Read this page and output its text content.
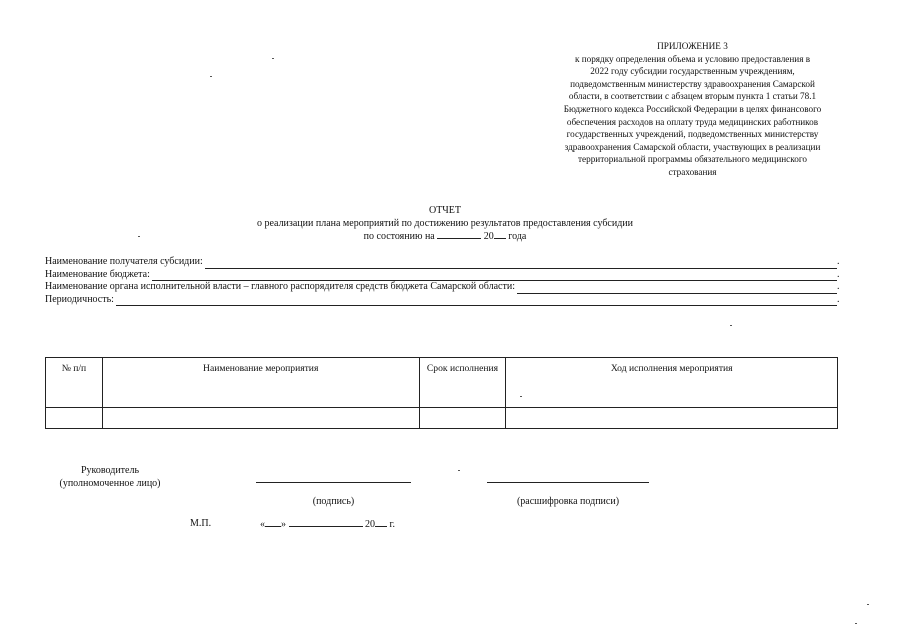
ПРИЛОЖЕНИЕ 3
к порядку определения объема и условию предоставления в
2022 году субсидии государственным учреждениям,
подведомственным министерству здравоохранения Самарской
области, в соответствии с абзацем вторым пункта 1 статьи 78.1
Бюджетного кодекса Российской Федерации в целях финансового
обеспечения расходов на оплату труда медицинских работников
государственных учреждений, подведомственных министерству
здравоохранения Самарской области, участвующих в реализации
территориальной программы обязательного медицинского
страхования
ОТЧЕТ
о реализации плана мероприятий по достижению результатов предоставления субсидии
по состоянию на	20 года
Наименование получателя субсидии:	.
Наименование бюджета:	.
Наименование органа исполнительной власти – главного распорядителя средств бюджета Самарской области:	.
Периодичность:	.
№ п/п	Наименование мероприятия	Срок исполнения	Ход исполнения мероприятия

Руководитель
(уполномоченное лицо)
(подпись)	(расшифровка подписи)
М.П.	« »	20 г.
